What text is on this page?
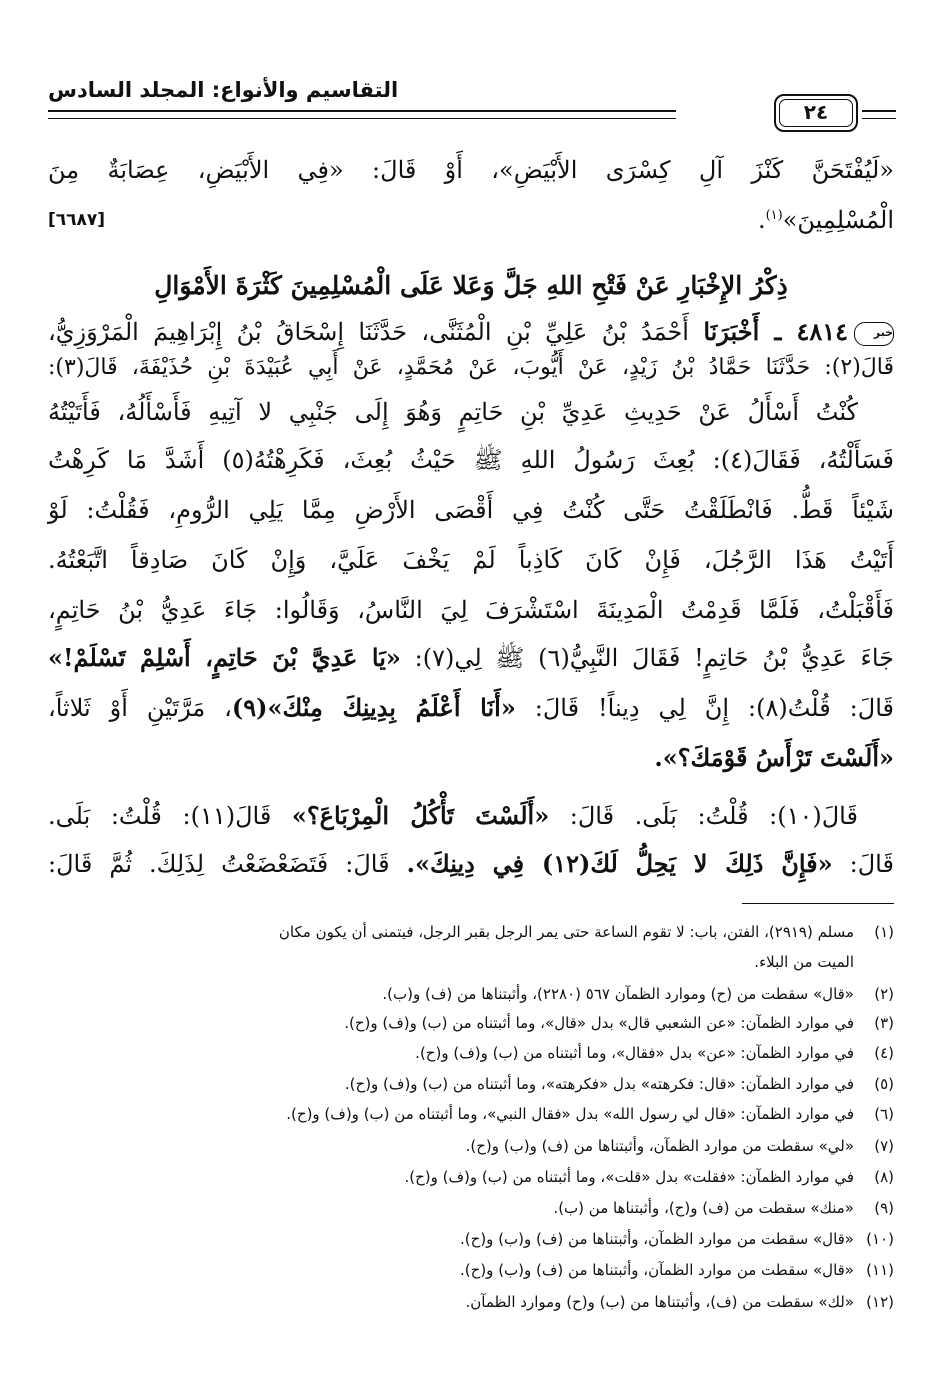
التقاسيم والأنواع: المجلد السادس
٢٤
«لَيُفْتَحَنَّ كَنْزَ آلِ كِسْرَى الأَبْيَضِ»، أَوْ قَالَ: «فِي الأَبْيَضِ، عِصَابَةٌ مِنَ
الْمُسْلِمِينَ»$^{(١)}$.
[٦٦٨٧]
ذِكْرُ الإِخْبَارِ عَنْ فَتْحِ اللهِ جَلَّ وَعَلا عَلَى الْمُسْلِمِينَ كَثْرَةَ الأَمْوَالِ
خبر٤٨١٤ ـ أَخْبَرَنَا أَحْمَدُ بْنُ عَلِيِّ بْنِ الْمُثَنَّى، حَدَّثَنَا إِسْحَاقُ بْنُ إِبْرَاهِيمَ الْمَرْوَزِيُّ،
قَالَ(٢): حَدَّثَنَا حَمَّادُ بْنُ زَيْدٍ، عَنْ أَيُّوبَ، عَنْ مُحَمَّدٍ، عَنْ أَبِي عُبَيْدَةَ بْنِ حُذَيْفَةَ، قَالَ(٣):
كُنْتُ أَسْأَلُ عَنْ حَدِيثِ عَدِيِّ بْنِ حَاتِمٍ وَهُوَ إِلَى جَنْبِي لا آتِيهِ فَأَسْأَلُهُ، فَأَتَيْتُهُ
فَسَأَلْتُهُ، فَقَالَ(٤): بُعِثَ رَسُولُ اللهِ ﷺ حَيْثُ بُعِثَ، فَكَرِهْتُهُ(٥) أَشَدَّ مَا كَرِهْتُ
شَيْئاً قَطُّ. فَانْطَلَقْتُ حَتَّى كُنْتُ فِي أَقْصَى الأَرْضِ مِمَّا يَلِي الرُّومِ، فَقُلْتُ: لَوْ
أَتَيْتُ هَذَا الرَّجُلَ، فَإِنْ كَانَ كَاذِباً لَمْ يَخْفَ عَلَيَّ، وَإِنْ كَانَ صَادِقاً اتَّبَعْتُهُ.
فَأَقْبَلْتُ، فَلَمَّا قَدِمْتُ الْمَدِينَةَ اسْتَشْرَفَ لِيَ النَّاسُ، وَقَالُوا: جَاءَ عَدِيُّ بْنُ حَاتِمٍ،
جَاءَ عَدِيُّ بْنُ حَاتِمٍ! فَقَالَ النَّبِيُّ(٦) ﷺ لِي(٧): «يَا عَدِيَّ بْنَ حَاتِمٍ، أَسْلِمْ تَسْلَمْ!»
قَالَ: قُلْتُ(٨): إِنَّ لِي دِيناً! قَالَ: «أَنَا أَعْلَمُ بِدِينِكَ مِنْكَ»(٩)، مَرَّتَيْنِ أَوْ ثَلاثاً،
«أَلَسْتَ تَرْأَسُ قَوْمَكَ؟».
قَالَ(١٠): قُلْتُ: بَلَى. قَالَ: «أَلَسْتَ تَأْكُلُ الْمِرْبَاعَ؟» قَالَ(١١): قُلْتُ: بَلَى.
قَالَ: «فَإِنَّ ذَلِكَ لا يَحِلُّ لَكَ(١٢) فِي دِينِكَ». قَالَ: فَتَضَعْضَعْتُ لِذَلِكَ. ثُمَّ قَالَ:
(١)مسلم (٢٩١٩)، الفتن، باب: لا تقوم الساعة حتى يمر الرجل بقبر الرجل، فيتمنى أن يكون مكان
الميت من البلاء.
(٢)«قال» سقطت من (ح) وموارد الظمآن ٥٦٧ (٢٢٨٠)، وأثبتناها من (ف) و(ب).
(٣)في موارد الظمآن: «عن الشعبي قال» بدل «قال»، وما أثبتناه من (ب) و(ف) و(ح).
(٤)في موارد الظمآن: «عن» بدل «فقال»، وما أثبتناه من (ب) و(ف) و(ح).
(٥)في موارد الظمآن: «قال: فكرهته» بدل «فكرهته»، وما أثبتناه من (ب) و(ف) و(ح).
(٦)في موارد الظمآن: «قال لي رسول الله» بدل «فقال النبي»، وما أثبتناه من (ب) و(ف) و(ح).
(٧)«لي» سقطت من موارد الظمآن، وأثبتناها من (ف) و(ب) و(ح).
(٨)في موارد الظمآن: «فقلت» بدل «قلت»، وما أثبتناه من (ب) و(ف) و(ح).
(٩)«منك» سقطت من (ف) و(ح)، وأثبتناها من (ب).
(١٠)«قال» سقطت من موارد الظمآن، وأثبتناها من (ف) و(ب) و(ح).
(١١)«قال» سقطت من موارد الظمآن، وأثبتناها من (ف) و(ب) و(ح).
(١٢)«لك» سقطت من (ف)، وأثبتناها من (ب) و(ح) وموارد الظمآن.
